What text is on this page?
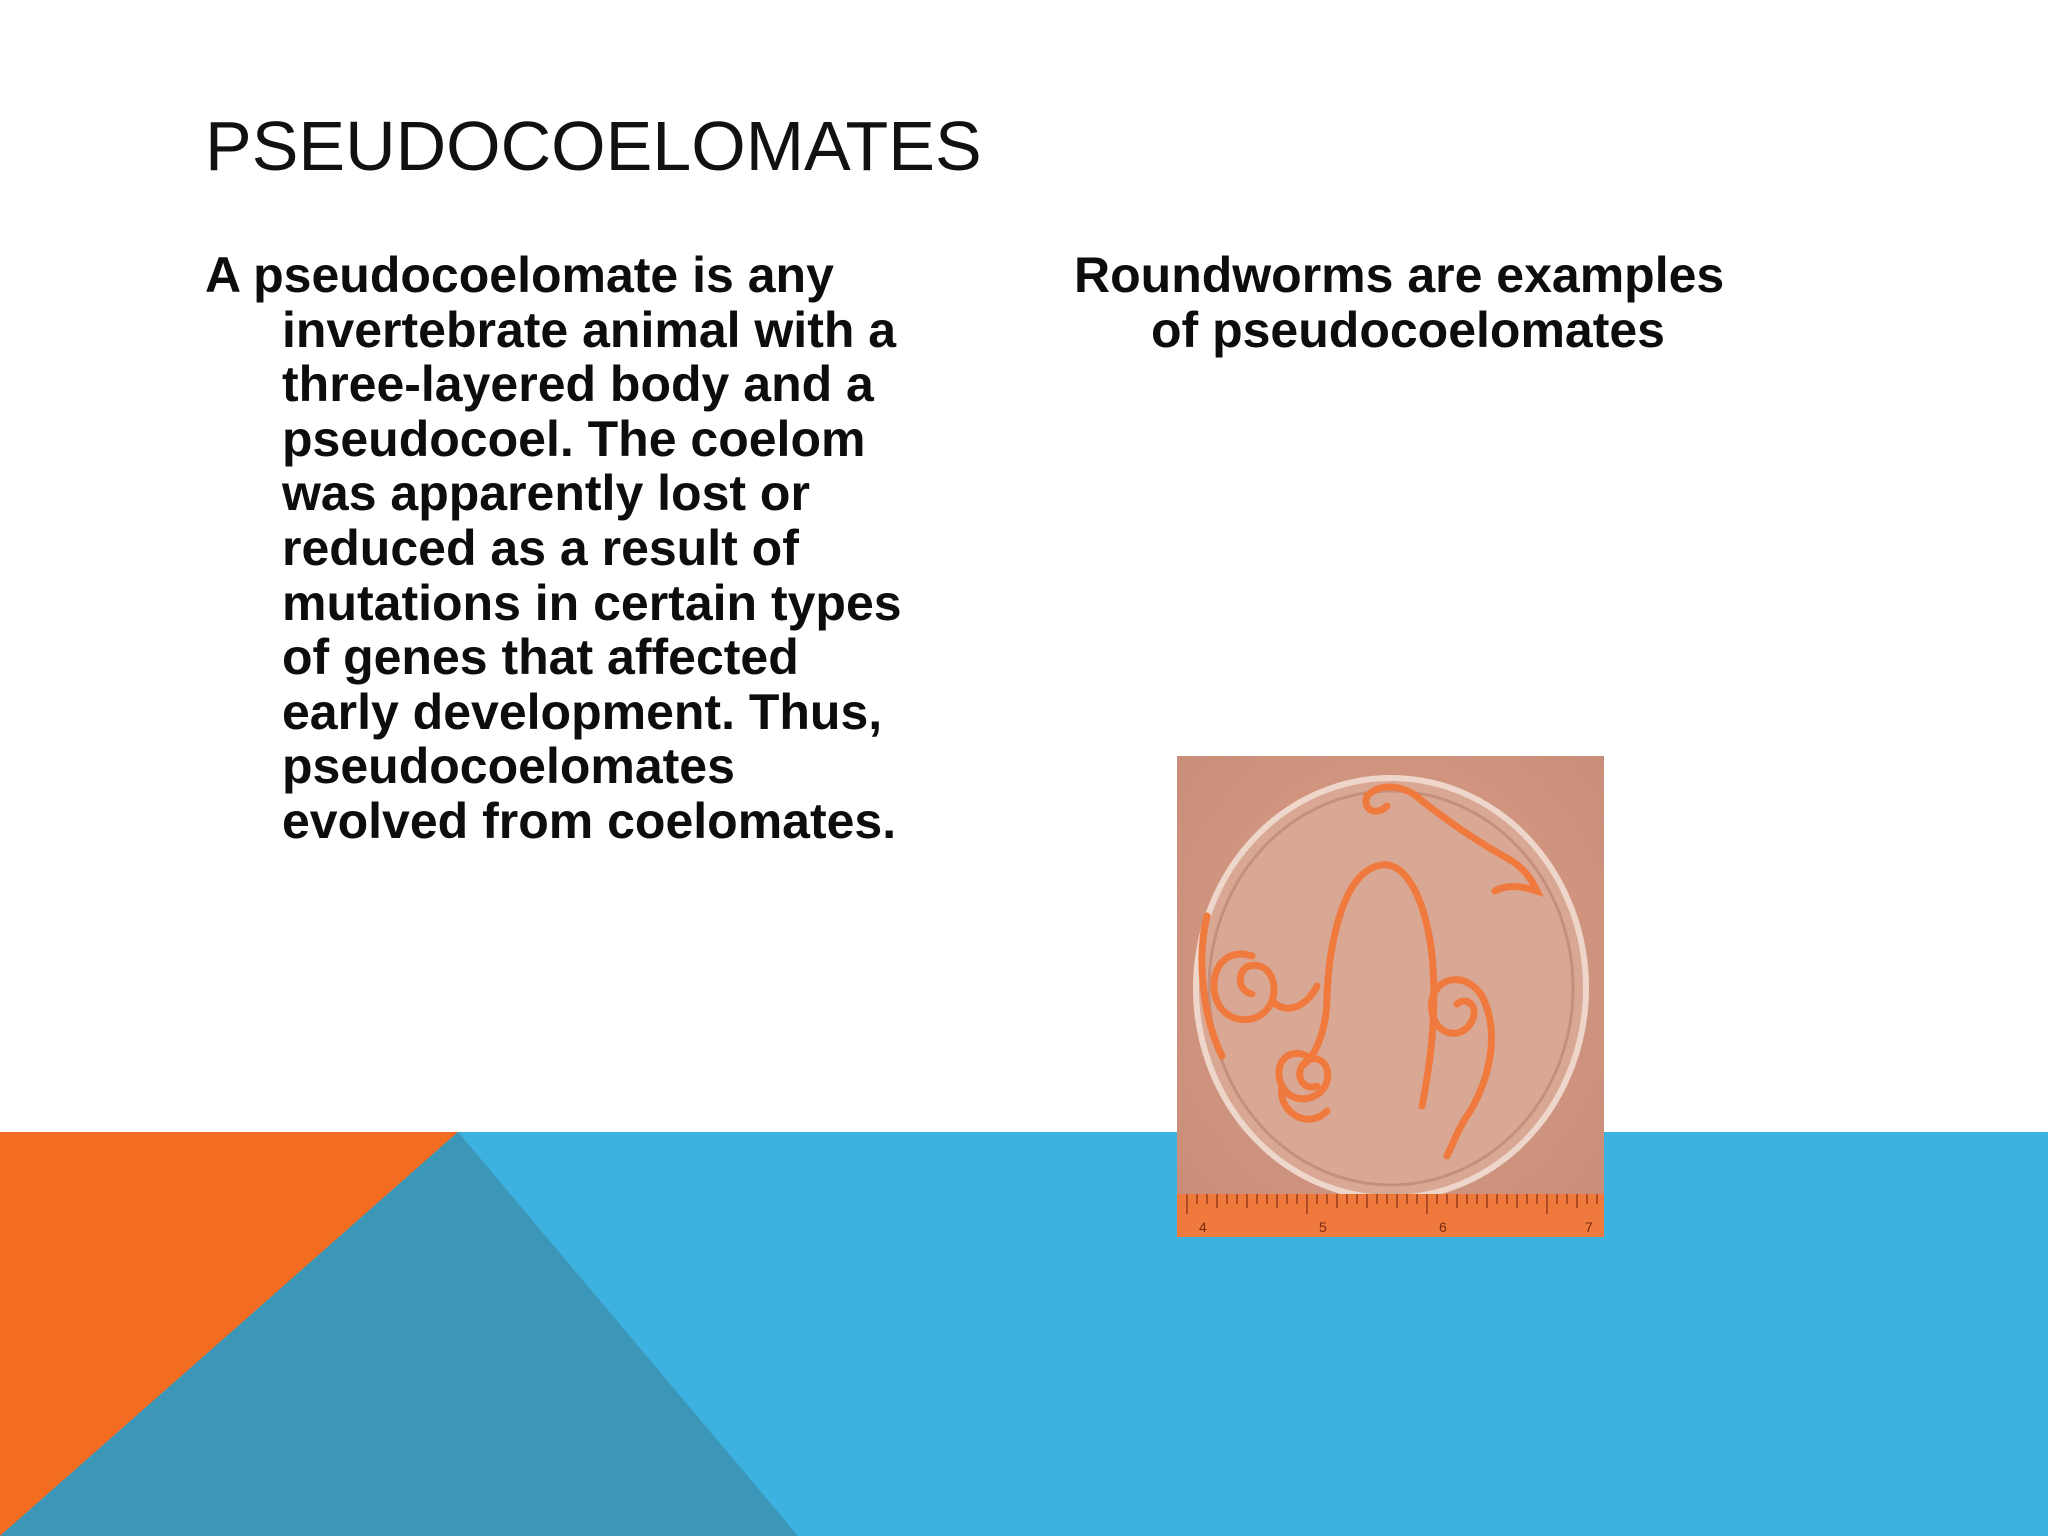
PSEUDOCOELOMATES

A pseudocoelomate is any invertebrate animal with a three-layered body and a pseudocoel. The coelom was apparently lost or reduced as a result of mutations in certain types of genes that affected early development. Thus, pseudocoelomates evolved from coelomates.

Roundworms are examples of pseudocoelomates

4	5	6	7
